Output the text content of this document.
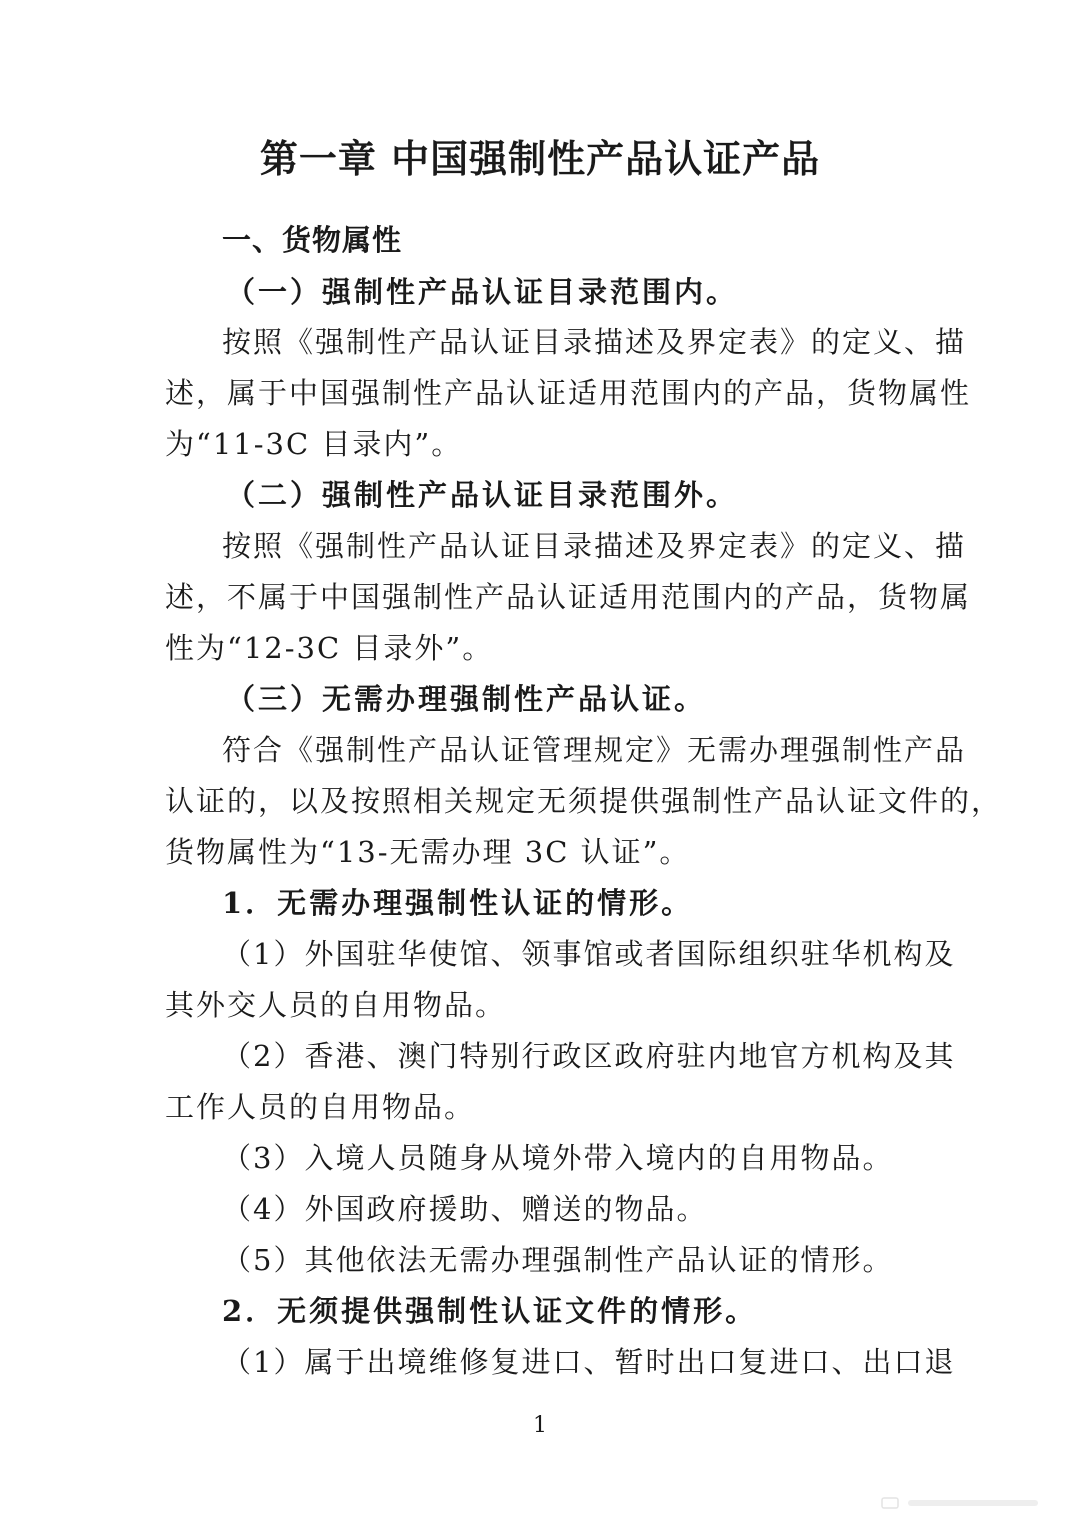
第一章 中国强制性产品认证产品
一、货物属性
（一）强制性产品认证目录范围内。
按照《强制性产品认证目录描述及界定表》的定义、描
述，属于中国强制性产品认证适用范围内的产品，货物属性
为“11-3C 目录内”。
（二）强制性产品认证目录范围外。
按照《强制性产品认证目录描述及界定表》的定义、描
述，不属于中国强制性产品认证适用范围内的产品，货物属
性为“12-3C 目录外”。
（三）无需办理强制性产品认证。
符合《强制性产品认证管理规定》无需办理强制性产品
认证的，以及按照相关规定无须提供强制性产品认证文件的，
货物属性为“13-无需办理 3C 认证”。
1．无需办理强制性认证的情形。
（1）外国驻华使馆、领事馆或者国际组织驻华机构及
其外交人员的自用物品。
（2）香港、澳门特别行政区政府驻内地官方机构及其
工作人员的自用物品。
（3）入境人员随身从境外带入境内的自用物品。
（4）外国政府援助、赠送的物品。
（5）其他依法无需办理强制性产品认证的情形。
2．无须提供强制性认证文件的情形。
（1）属于出境维修复进口、暂时出口复进口、出口退
1
